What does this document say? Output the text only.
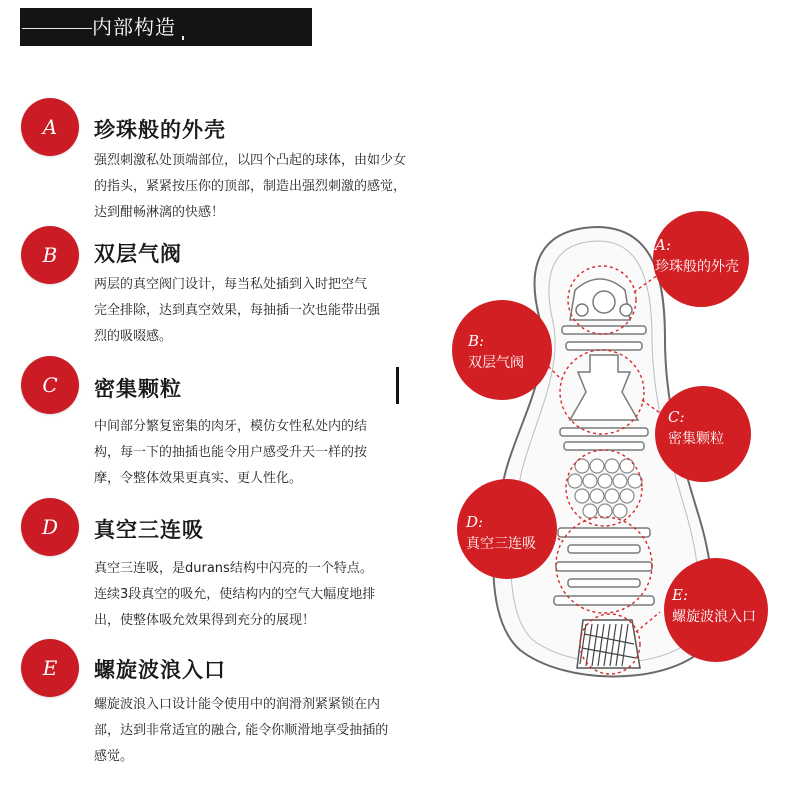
内部构造
A	珍珠般的外壳

强烈刺激私处顶端部位，以四个凸起的球体，由如少女
的指头，紧紧按压你的顶部，制造出强烈刺激的感觉，
达到酣畅淋漓的快感！

B	双层气阀

两层的真空阀门设计，每当私处插到入时把空气
完全排除，达到真空效果，每抽插一次也能带出强
烈的吸啜感。

C	密集颗粒

中间部分繁复密集的肉牙，模仿女性私处内的结
构，每一下的抽插也能令用户感受升天一样的按
摩，令整体效果更真实、更人性化。

D	真空三连吸

真空三连吸，是durans结构中闪亮的一个特点。
连续3段真空的吸允，使结构内的空气大幅度地排
出，使整体吸允效果得到充分的展现！

E	螺旋波浪入口

螺旋波浪入口设计能令使用中的润滑剂紧紧锁在内
部，达到非常适宜的融合, 能令你顺滑地享受抽插的
感觉。

A:
珍珠般的外壳
B:
双层气阀
C:
密集颗粒
D:
真空三连吸
E:
螺旋波浪入口
